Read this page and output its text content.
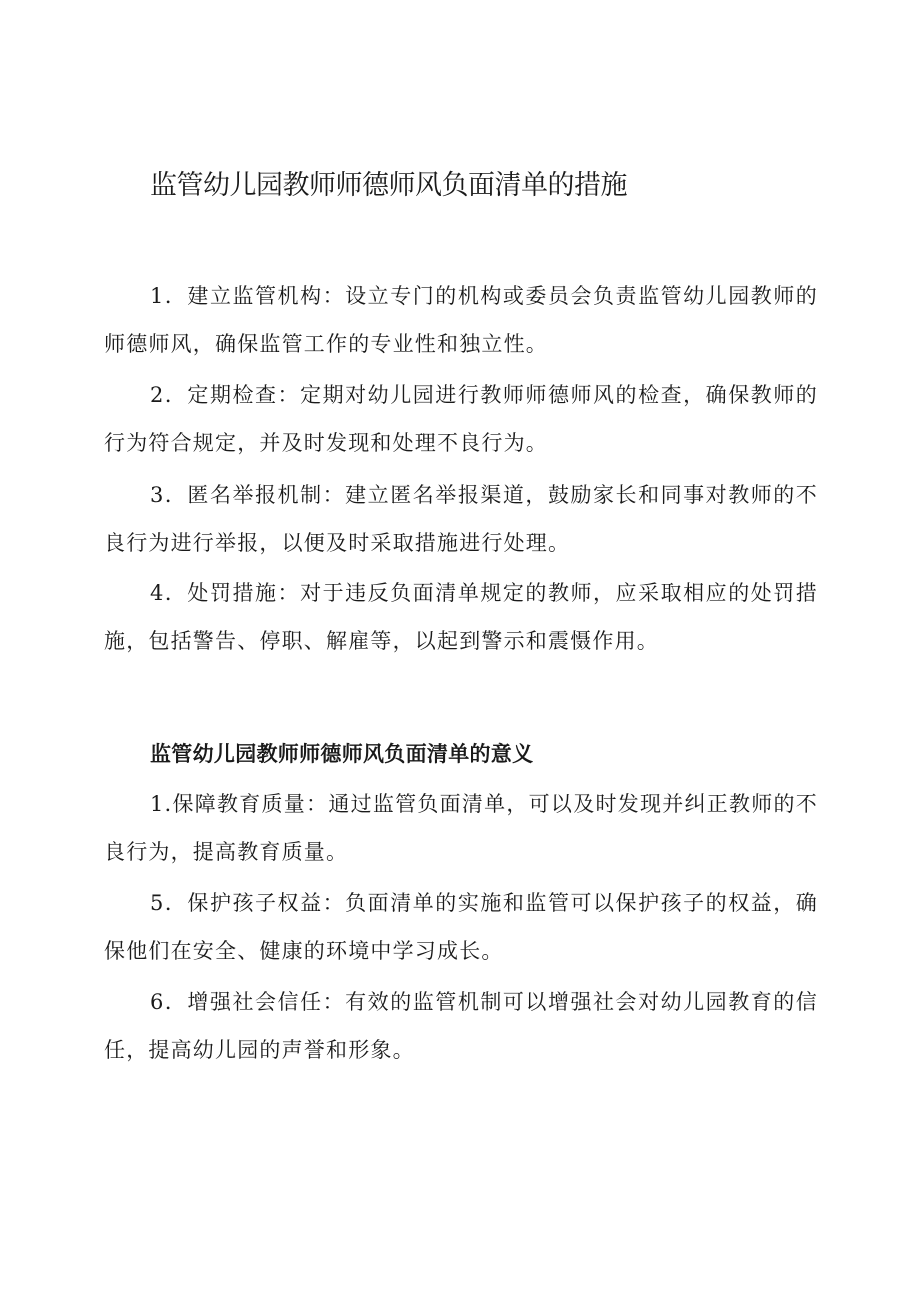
监管幼儿园教师师德师风负面清单的措施

1．建立监管机构：设立专门的机构或委员会负责监管幼儿园教师的师德师风，确保监管工作的专业性和独立性。

2．定期检查：定期对幼儿园进行教师师德师风的检查，确保教师的行为符合规定，并及时发现和处理不良行为。

3．匿名举报机制：建立匿名举报渠道，鼓励家长和同事对教师的不良行为进行举报，以便及时采取措施进行处理。

4．处罚措施：对于违反负面清单规定的教师，应采取相应的处罚措施，包括警告、停职、解雇等，以起到警示和震慑作用。

监管幼儿园教师师德师风负面清单的意义

1.保障教育质量：通过监管负面清单，可以及时发现并纠正教师的不良行为，提高教育质量。

5．保护孩子权益：负面清单的实施和监管可以保护孩子的权益，确保他们在安全、健康的环境中学习成长。

6．增强社会信任：有效的监管机制可以增强社会对幼儿园教育的信任，提高幼儿园的声誉和形象。
